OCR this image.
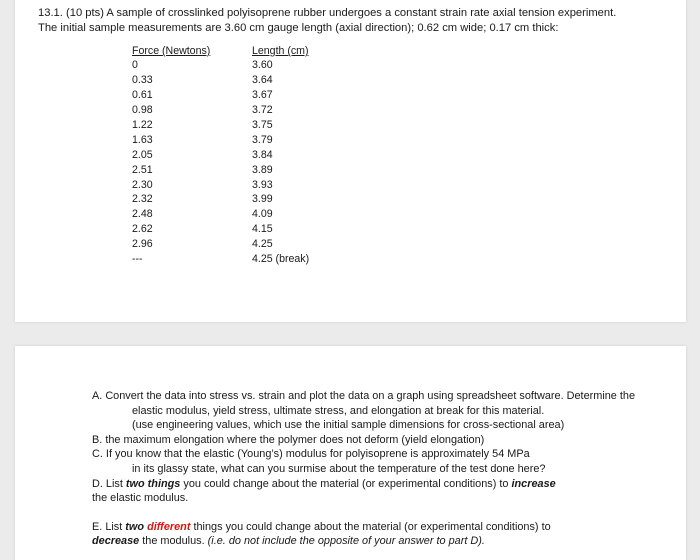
13.1. (10 pts) A sample of crosslinked polyisoprene rubber undergoes a constant strain rate axial tension experiment.
The initial sample measurements are 3.60 cm gauge length (axial direction); 0.62 cm wide; 0.17 cm thick:
Force (Newtons)
0
0.33
0.61
0.98
1.22
1.63
2.05
2.51
2.30
2.32
2.48
2.62
2.96
---
Length (cm)
3.60
3.64
3.67
3.72
3.75
3.79
3.84
3.89
3.93
3.99
4.09
4.15
4.25
4.25 (break)
A. Convert the data into stress vs. strain and plot the data on a graph using spreadsheet software. Determine the
elastic modulus, yield stress, ultimate stress, and elongation at break for this material.
(use engineering values, which use the initial sample dimensions for cross-sectional area)
B. the maximum elongation where the polymer does not deform (yield elongation)
C. If you know that the elastic (Young’s) modulus for polyisoprene is approximately 54 MPa
in its glassy state, what can you surmise about the temperature of the test done here?
D. List two things you could change about the material (or experimental conditions) to increase
the elastic modulus.
E. List two different things you could change about the material (or experimental conditions) to
decrease the modulus. (i.e. do not include the opposite of your answer to part D).
